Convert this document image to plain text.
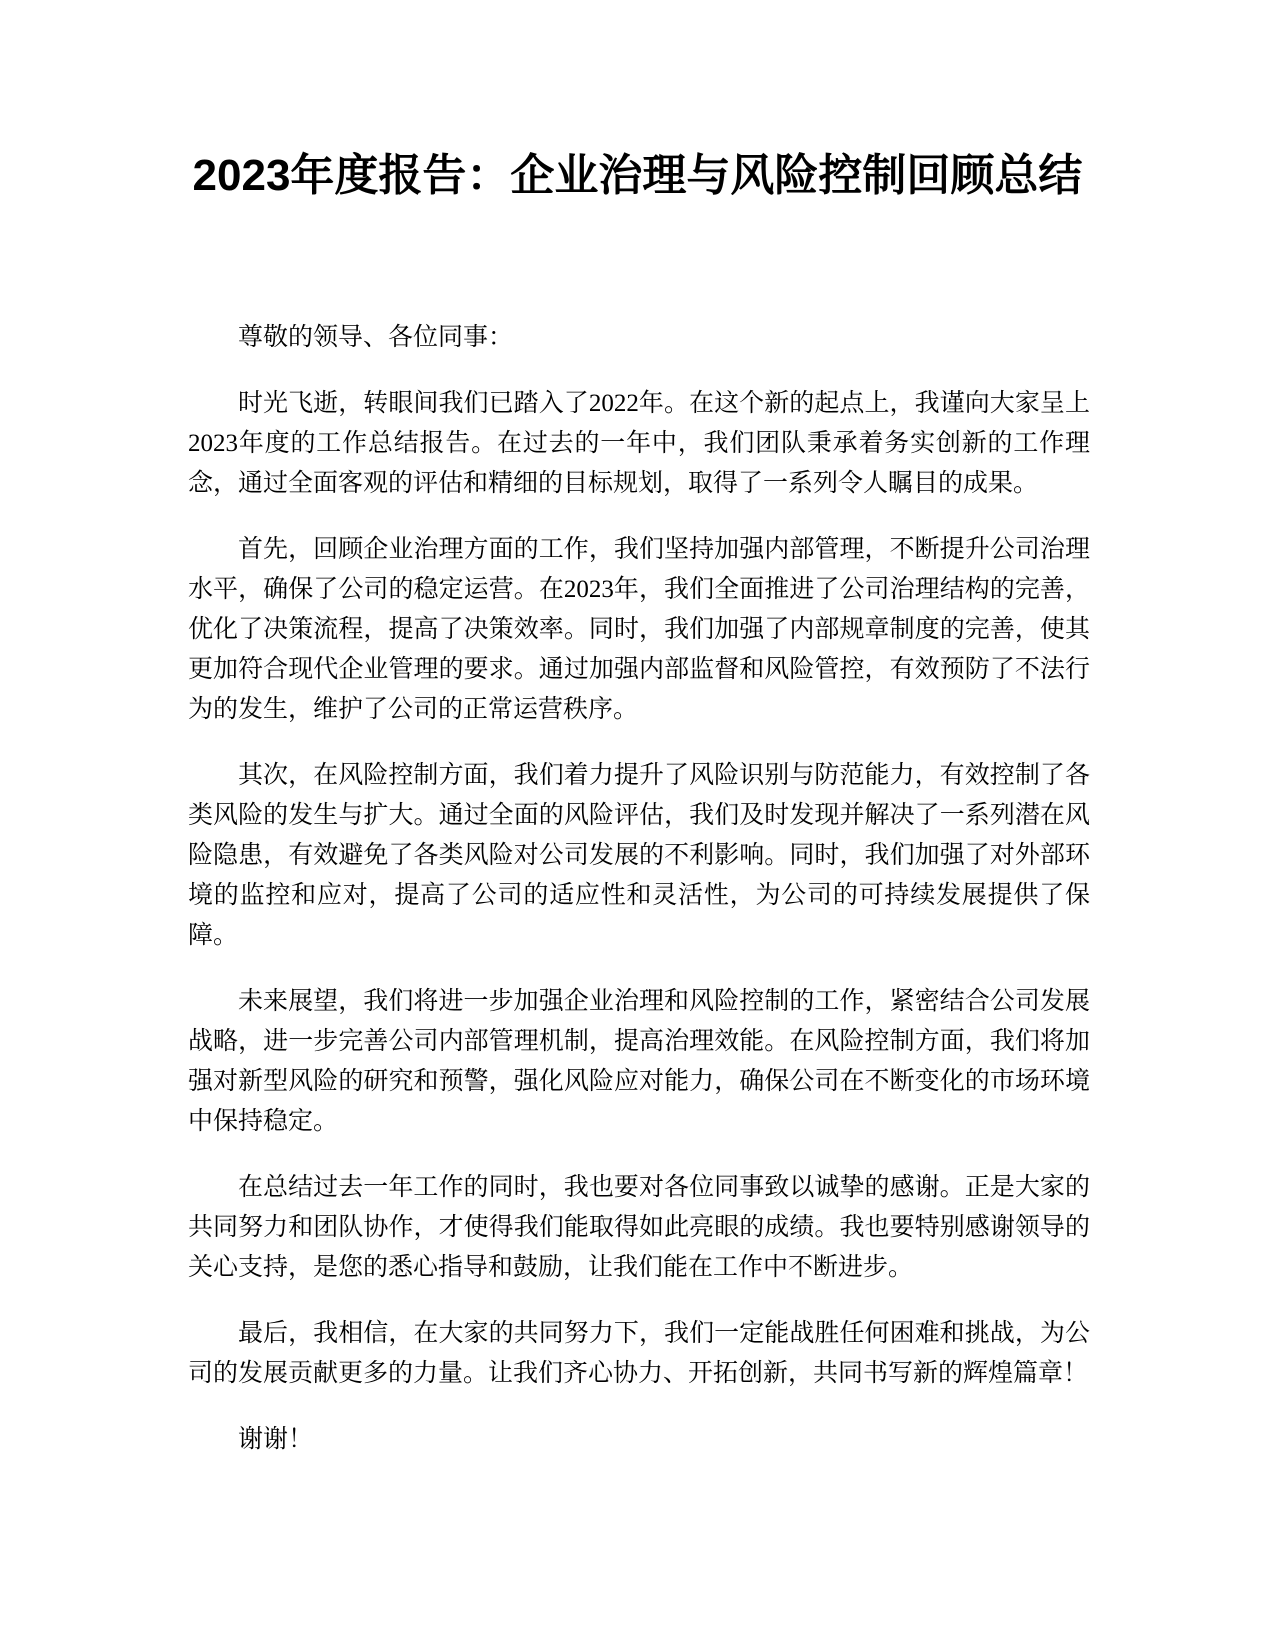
2023年度报告：企业治理与风险控制回顾总结

尊敬的领导、各位同事：

时光飞逝，转眼间我们已踏入了2022年。在这个新的起点上，我谨向大家呈上2023年度的工作总结报告。在过去的一年中，我们团队秉承着务实创新的工作理念，通过全面客观的评估和精细的目标规划，取得了一系列令人瞩目的成果。

首先，回顾企业治理方面的工作，我们坚持加强内部管理，不断提升公司治理水平，确保了公司的稳定运营。在2023年，我们全面推进了公司治理结构的完善，优化了决策流程，提高了决策效率。同时，我们加强了内部规章制度的完善，使其更加符合现代企业管理的要求。通过加强内部监督和风险管控，有效预防了不法行为的发生，维护了公司的正常运营秩序。

其次，在风险控制方面，我们着力提升了风险识别与防范能力，有效控制了各类风险的发生与扩大。通过全面的风险评估，我们及时发现并解决了一系列潜在风险隐患，有效避免了各类风险对公司发展的不利影响。同时，我们加强了对外部环境的监控和应对，提高了公司的适应性和灵活性，为公司的可持续发展提供了保障。

未来展望，我们将进一步加强企业治理和风险控制的工作，紧密结合公司发展战略，进一步完善公司内部管理机制，提高治理效能。在风险控制方面，我们将加强对新型风险的研究和预警，强化风险应对能力，确保公司在不断变化的市场环境中保持稳定。

在总结过去一年工作的同时，我也要对各位同事致以诚挚的感谢。正是大家的共同努力和团队协作，才使得我们能取得如此亮眼的成绩。我也要特别感谢领导的关心支持，是您的悉心指导和鼓励，让我们能在工作中不断进步。

最后，我相信，在大家的共同努力下，我们一定能战胜任何困难和挑战，为公司的发展贡献更多的力量。让我们齐心协力、开拓创新，共同书写新的辉煌篇章！

谢谢！
